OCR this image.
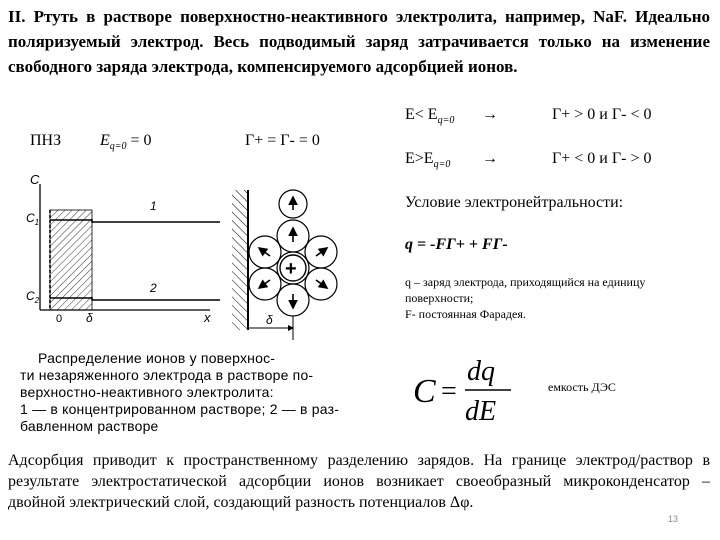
II. Ртуть в растворе поверхностно-неактивного электролита, например, NaF. Идеально поляризуемый электрод. Весь подводимый заряд затрачивается только на изменение свободного заряда электрода, компенсируемого адсорбцией ионов.
ПНЗ $E_{q=0} = 0$	Г+ = Г- = 0
$E< E_{q=0}$ →	Г+ > 0 и Г- < 0
$E>E_{q=0}$ →	Г+ < 0 и Г- > 0
Условие электронейтральности:
q = -FГ+ + FГ-
q – заряд электрода, приходящийся на единицу
поверхности;
F- постоянная Фарадея.
C =
dq
dE
емкость ДЭС
C
x
0 δ
$C_1$
$C_2$
1
2
+
δ
Распределение ионов у поверхнос-
ти незаряженного электрода в растворе по-
верхностно-неактивного электролита:
1 — в концентрированном растворе; 2 — в раз-
бавленном растворе
Адсорбция приводит к пространственному разделению зарядов. На границе электрод/раствор в результате электростатической адсорбции ионов возникает своеобразный микроконденсатор – двойной электрический слой, создающий разность потенциалов Δφ.
13
